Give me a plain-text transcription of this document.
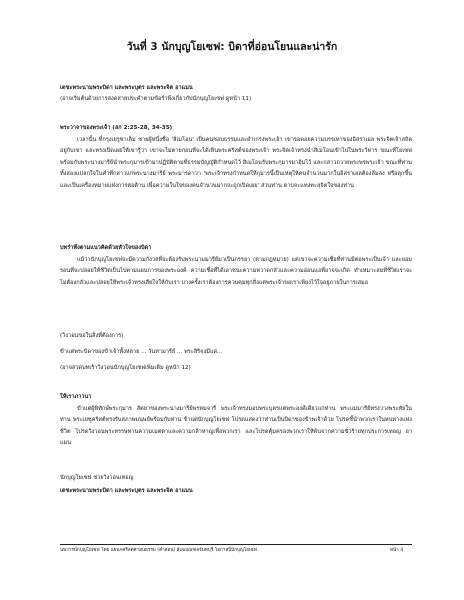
วันที่ 3 นักบุญโยเซฟ: บิดาที่อ่อนโยนและน่ารัก
เดชะพระนามพระบิดา และพระบุตร และพระจิต อาแมน
(อาจเริ่มต้นด้วยการสงดสายประคำตามข้อรำพึงเกี่ยวกับนักบุญโยเซฟ ดูหน้า 11)
พระวาจาของพระเจ้า (ลก 2:25-28, 34-35)
เวลานั้น ที่กรุงเยรูซาเล็ม ชายผู้หนึ่งชื่อ 'สิเมโอน' เป็นคนชอบธรรมและยำเกรงพระเจ้า เขารอคอยความบรรเทาของอิสราเอล พระจิตเจ้าสถิตอยู่กับเขา และทรงเปิดเผยให้เขารู้ว่า เขาจะไม่ตายก่อนที่จะได้เห็นพระคริสต์ของพระเจ้า พระจิตเจ้าทรงนำสิเมโอนเข้าไปในพระวิหาร ขณะที่โยเซฟพร้อมกับพระนางมารีย์นำพระกุมารเข้ามาปฏิบัติตามที่ธรรมบัญญัติกำหนดไว้ สิเมโอนรับพระกุมารมาอุ้มไว้ และกล่าวถวายพระพรพระเจ้า ขณะที่ท่านทั้งสองแปลกใจในคำที่กล่าวแก่พระนางมารีย์ พระมารดาว่า 'พระเจ้าทรงกำหนดให้กุมารนี้เป็นเหตุให้คนจำนวนมากในอิสราเอลต้องล้มลง หรือลุกขึ้น และเป็นเครื่องหมายแห่งการต่อต้าน เพื่อความในใจของคนจำนวนมากจะถูกเปิดเผย' ส่วนท่าน ดาบจะแทงทะลุจิตใจของท่าน
บทรำพึงตามแนวคิดด้วยหัวใจของบิดา
แม้ว่านักบุญโยเซฟจะมีความกังวลที่จะต้องรับพระนามมารีย์มาเป็นภรรยา (ตามกฎหมาย) แต่เขาจะความเชื่อที่ท่านมีต่อพระเป็นเจ้า และยอมรอนที่จะปล่อยให้ชีวิตเป็นไปตามแผนการของพระองค์ ความเชื่อที่ได้เอาชนะความหวาดกลัวและความอ่อนแอที่อาจจะเกิด ทำเหมาะสมที่ชีวิตเราจะไม่ต้องกลัวและปล่อยให้พระเจ้าทรงเสียใจให้กับเรา บางครั้งเราต้องการควบคุมทุกสิ่งแต่พระเจ้าขอเราเพียงไว้ใจอยู่ภายในการเสมอ
(วิงวอนขอในสิ่งที่ต้องการ)
ข้าแต่พระบิดาของข้าเจ้าทั้งหลาย ... วันทามารีย์ ... พระสิริจงมีแด่...
(อาจสวดบทเร้าวิงวอนนักบุญโยเซฟเพิ่มเติม ดูหน้า 12)
ให้เราภาวนา
ข้าแต่ผู้พิทักษ์พระกุมาร สัตยาของพระนางมารีย์พรหมจารี พระเจ้าทรงมอบพระบุตรแต่พระองค์เดียวแก่ท่าน พระแม่มารีย์ทรงวางพระทัยในท่าน พระเยซูคริสต์ทรงรับสภาพมนุษย์พร้อมกับท่าน ข้าแต่นักบุญโยเซฟ โปรดแสดงว่าท่านเป็นบิดาของข้าพเจ้าด้วย โปรดชี้นำพวกเราในหนทางแห่งชีวิต โปรดวิงวอนพระหรรษทานความเมตตาและความกล้าหาญเพื่อพวกเรา และโปรดคุ้มครองพวกเราให้พ้นจากความชั่วร้ายทุกประการเทอญ อาแมน
นักบุญโยเซฟ ช่วยวิงวอนเทอญ
เดชะพระนามพระบิดา และพระบุตร และพระจิต อาแมน
นพวารนักบุญโยเซฟ โดย แผนกคริสตศาสนธรรม (คำสอน) สังฆมณฑลจันทบุรี โอกาสปีนักบุญโยเซฟ	หน้า 4
